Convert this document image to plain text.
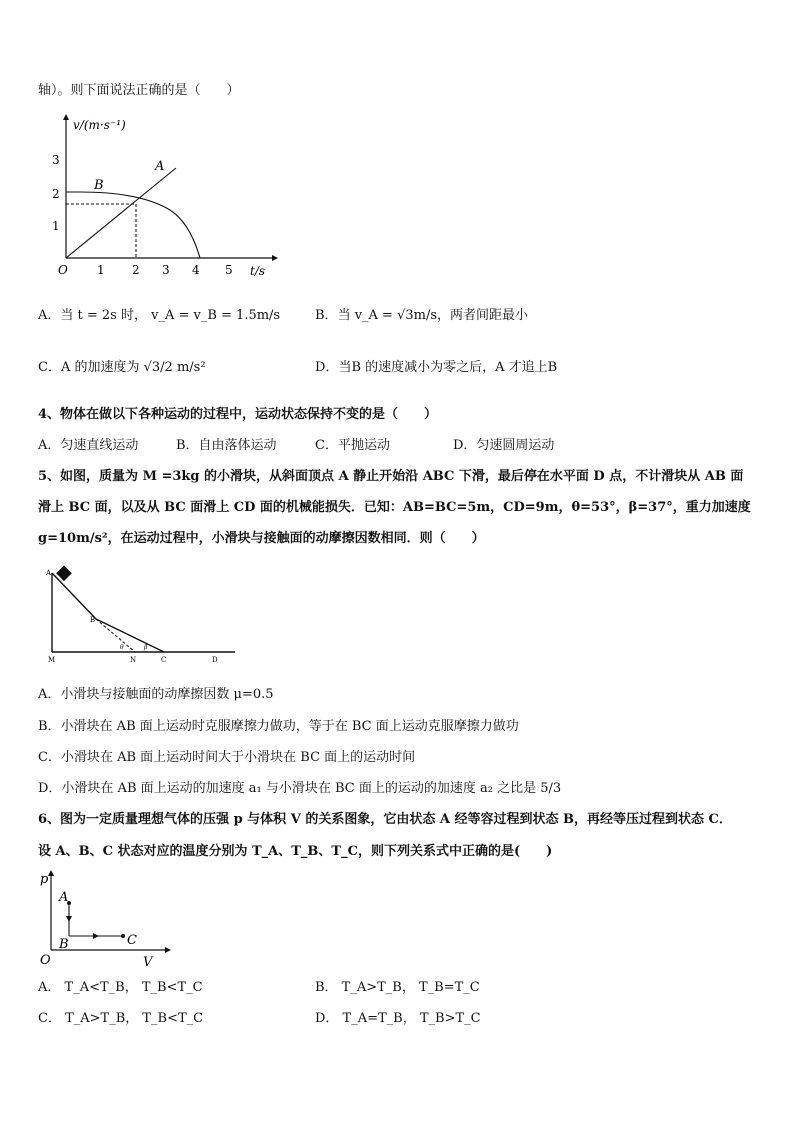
轴）。则下面说法正确的是（　　）
v/(m·s⁻¹)
t/s
O 1 2 3 4 5
1
2
3	A
B
A．当 t = 2s 时， v_A = v_B = 1.5m/s	B．当 v_A = √3m/s，两者间距最小
C．A 的加速度为 √3/2 m/s²	D．当B 的速度减小为零之后，A 才追上B
4、物体在做以下各种运动的过程中，运动状态保持不变的是（　　）
A．匀速直线运动	B．自由落体运动	C．平抛运动	D．匀速圆周运动
5、如图，质量为 M =3kg 的小滑块，从斜面顶点 A 静止开始沿 ABC 下滑，最后停在水平面 D 点，不计滑块从 AB 面
滑上 BC 面，以及从 BC 面滑上 CD 面的机械能损失．已知：AB=BC=5m，CD=9m，θ=53°，β=37°，重力加速度
g=10m/s²，在运动过程中，小滑块与接触面的动摩擦因数相同．则（　　）
A
B
M	N	C	D
θ	β
A．小滑块与接触面的动摩擦因数 μ=0.5
B．小滑块在 AB 面上运动时克服摩擦力做功，等于在 BC 面上运动克服摩擦力做功
C．小滑块在 AB 面上运动时间大于小滑块在 BC 面上的运动时间
D．小滑块在 AB 面上运动的加速度 a₁ 与小滑块在 BC 面上的运动的加速度 a₂ 之比是 5/3
6、图为一定质量理想气体的压强 p 与体积 V 的关系图象，它由状态 A 经等容过程到状态 B，再经等压过程到状态 C．
设 A、B、C 状态对应的温度分别为 T_A、T_B、T_C，则下列关系式中正确的是(　　)
p
V
O
A
B	C
A． T_A<T_B， T_B<T_C	B． T_A>T_B， T_B=T_C
C． T_A>T_B， T_B<T_C	D． T_A=T_B， T_B>T_C
